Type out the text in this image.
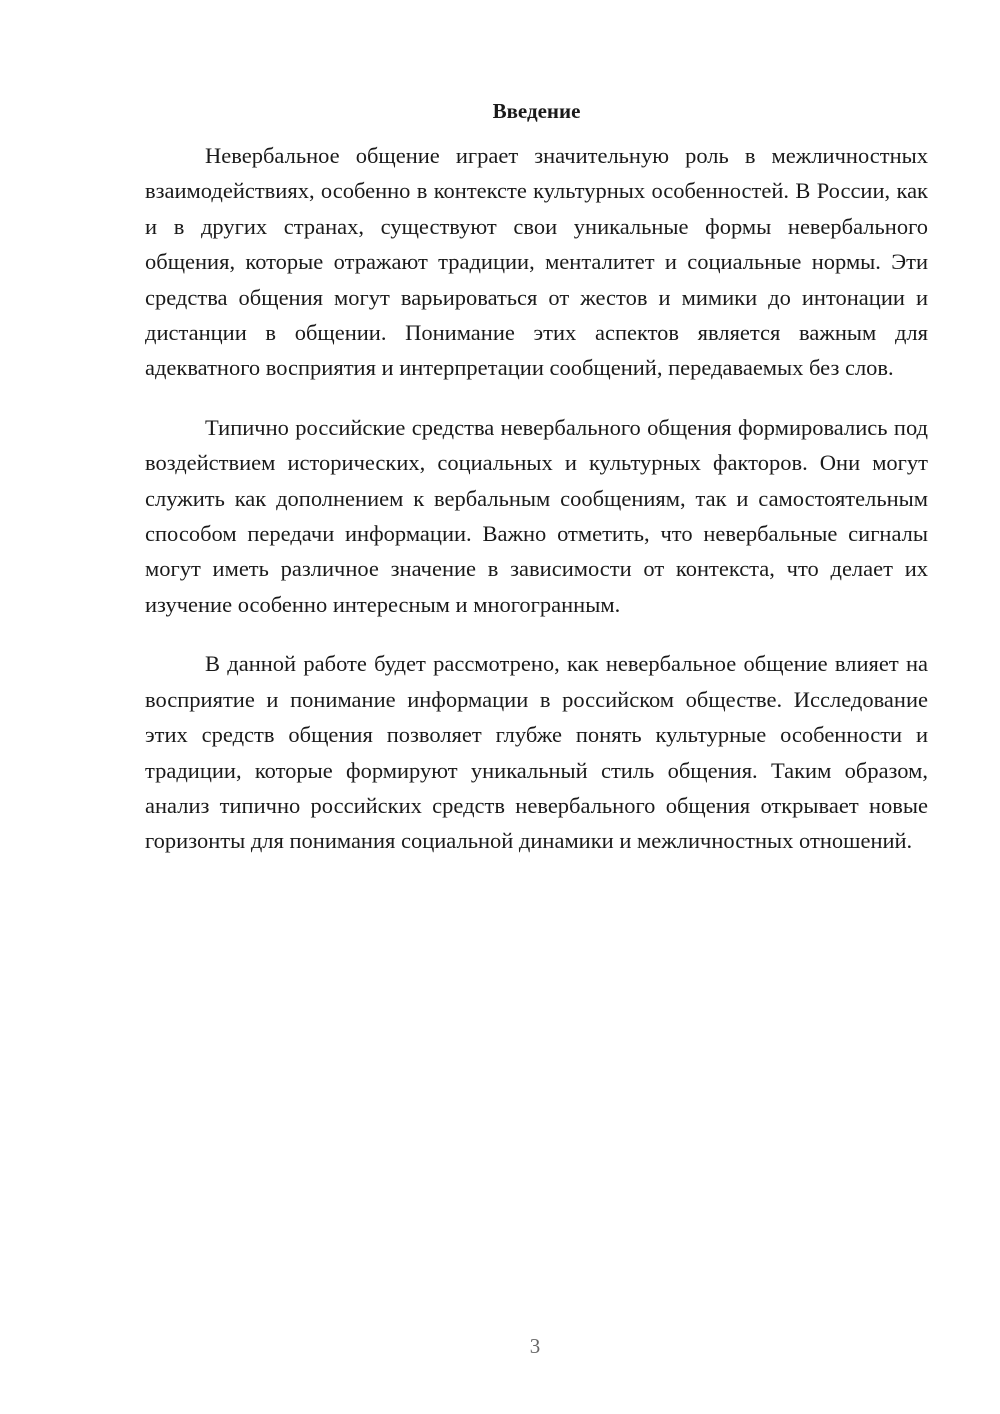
Введение

Невербальное общение играет значительную роль в межличностных взаимодействиях, особенно в контексте культурных особенностей. В России, как и в других странах, существуют свои уникальные формы невербального общения, которые отражают традиции, менталитет и социальные нормы. Эти средства общения могут варьироваться от жестов и мимики до интонации и дистанции в общении. Понимание этих аспектов является важным для адекватного восприятия и интерпретации сообщений, передаваемых без слов.

Типично российские средства невербального общения формировались под воздействием исторических, социальных и культурных факторов. Они могут служить как дополнением к вербальным сообщениям, так и самостоятельным способом передачи информации. Важно отметить, что невербальные сигналы могут иметь различное значение в зависимости от контекста, что делает их изучение особенно интересным и многогранным.

В данной работе будет рассмотрено, как невербальное общение влияет на восприятие и понимание информации в российском обществе. Исследование этих средств общения позволяет глубже понять культурные особенности и традиции, которые формируют уникальный стиль общения. Таким образом, анализ типично российских средств невербального общения открывает новые горизонты для понимания социальной динамики и межличностных отношений.

3
